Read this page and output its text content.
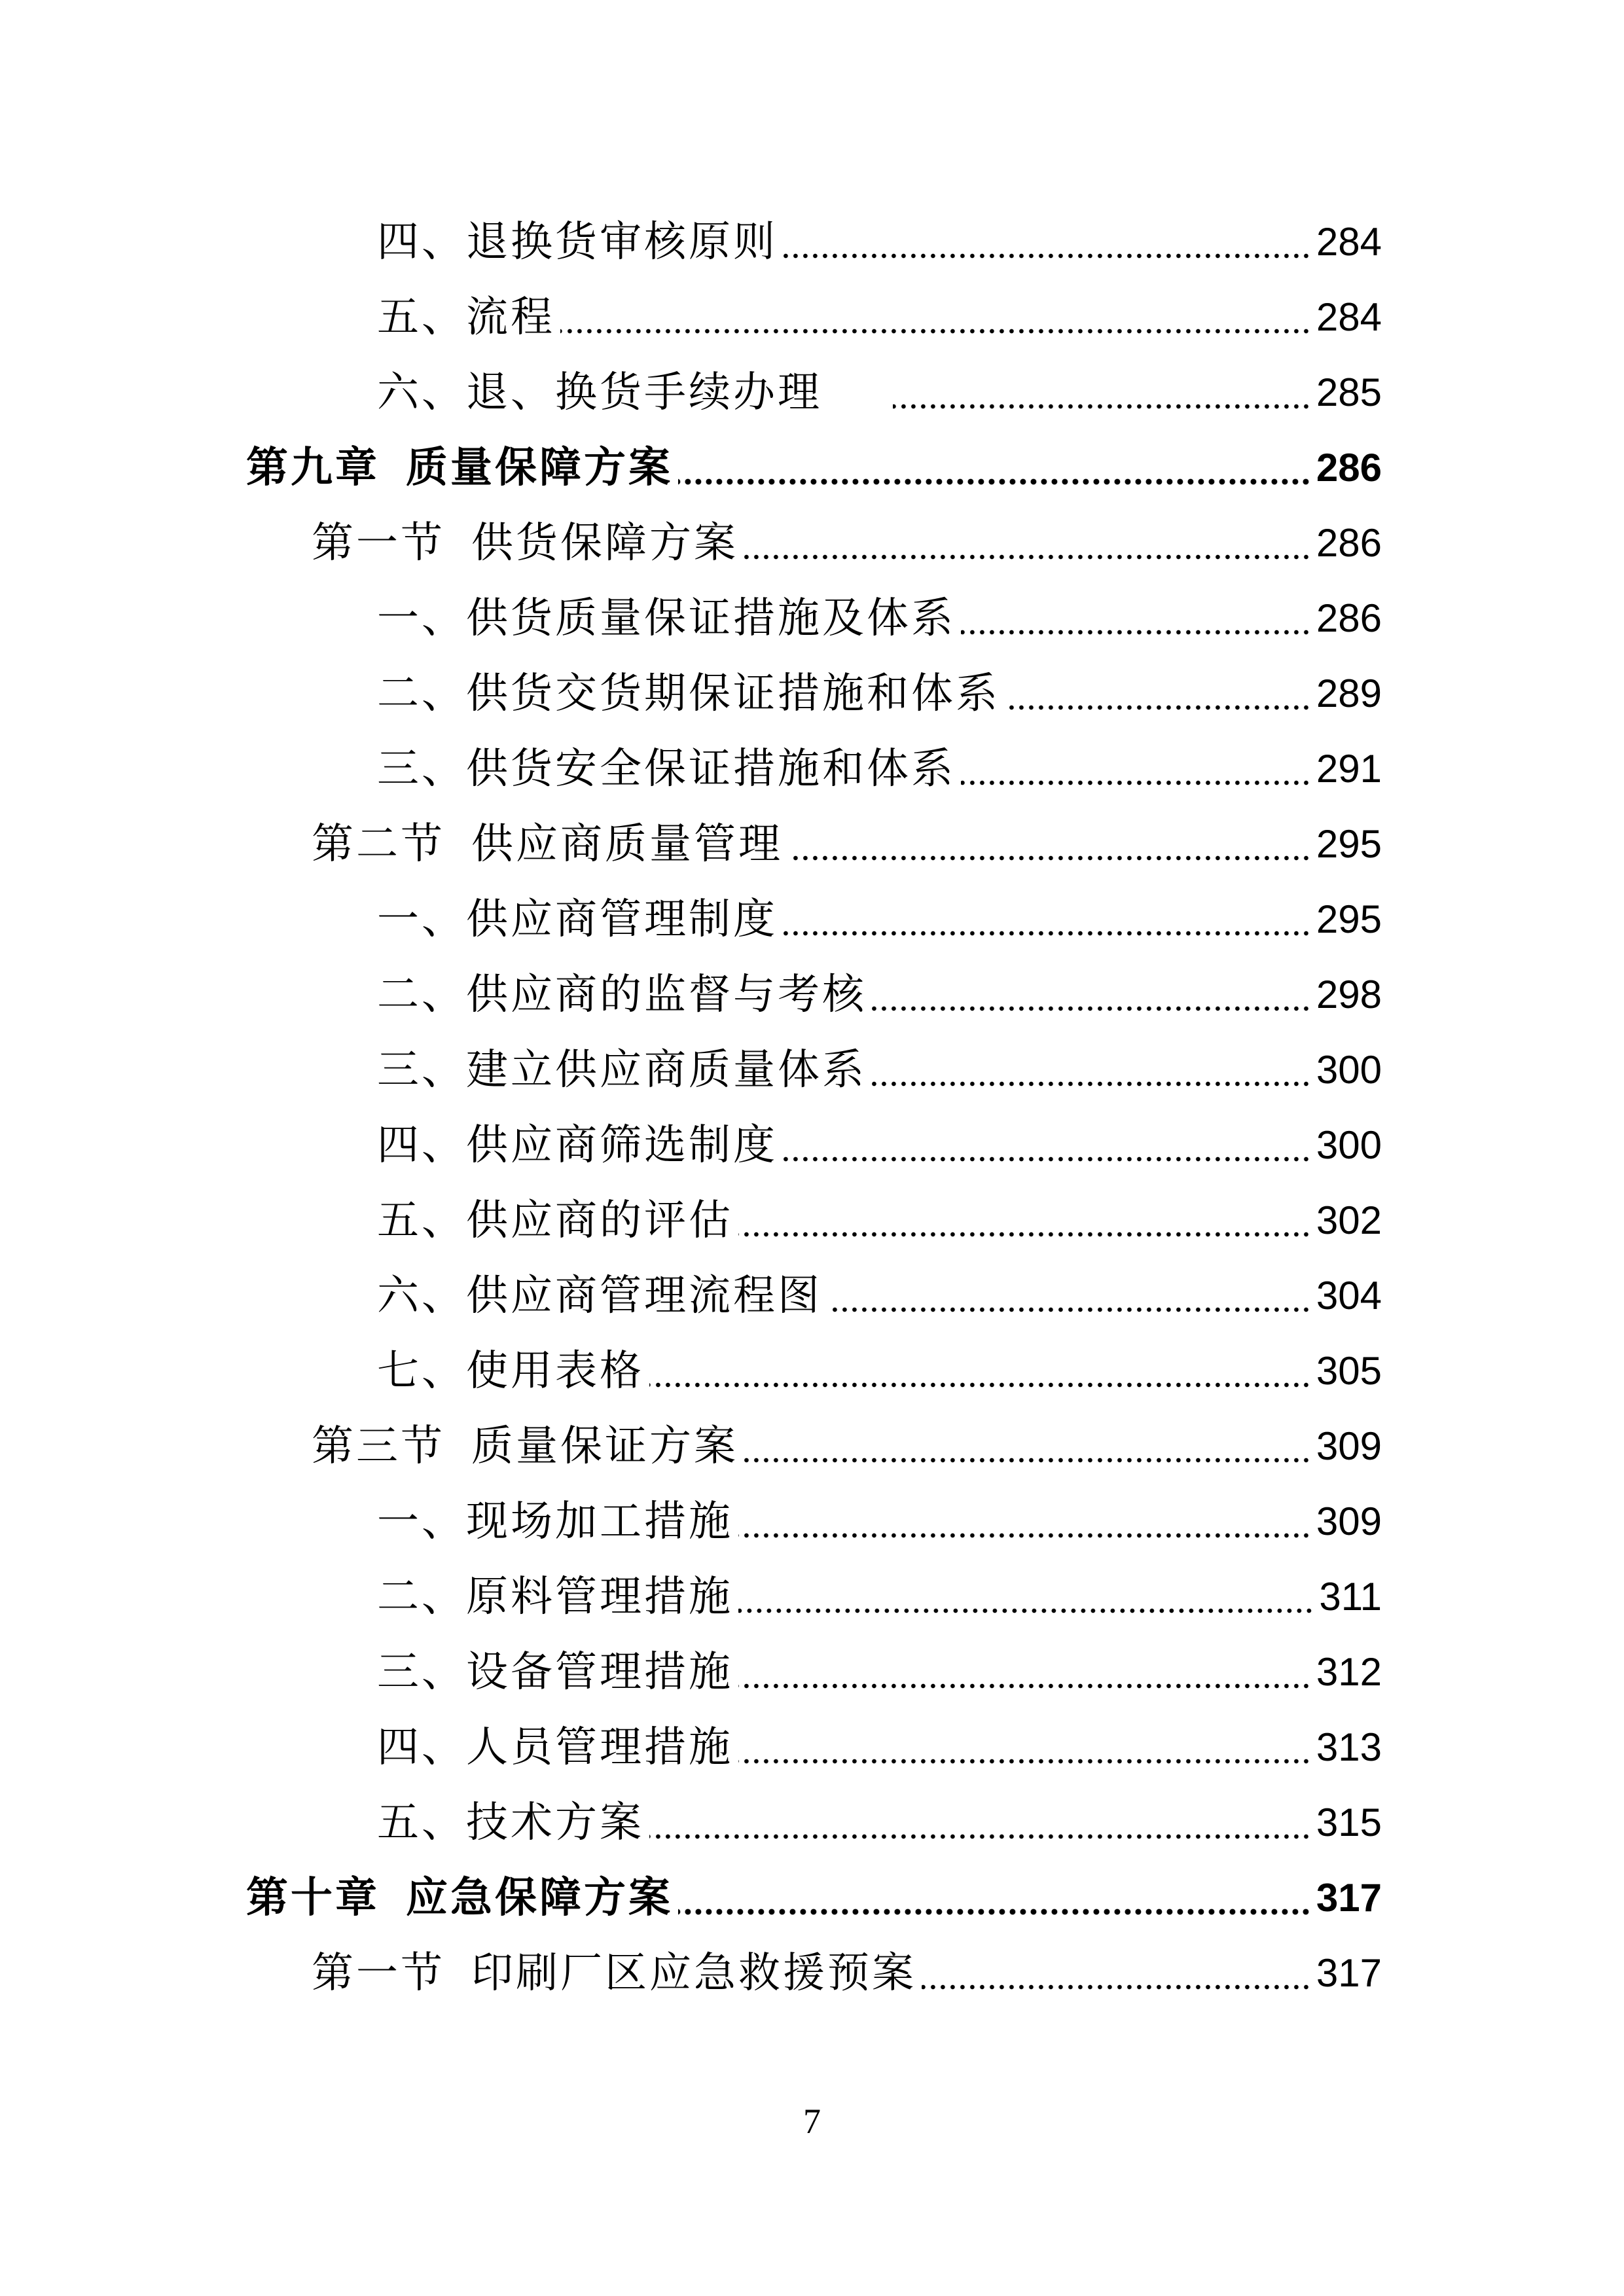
四、退换货审核原则	284
五、流程	284
六、退、换货手续办理	285
第九章 质量保障方案	286
第一节 供货保障方案	286
一、供货质量保证措施及体系	286
二、供货交货期保证措施和体系	289
三、供货安全保证措施和体系	291
第二节 供应商质量管理	295
一、供应商管理制度	295
二、供应商的监督与考核	298
三、建立供应商质量体系	300
四、供应商筛选制度	300
五、供应商的评估	302
六、供应商管理流程图	304
七、使用表格	305
第三节 质量保证方案	309
一、现场加工措施	309
二、原料管理措施	311
三、设备管理措施	312
四、人员管理措施	313
五、技术方案	315
第十章 应急保障方案	317
第一节 印刷厂区应急救援预案	317
7
